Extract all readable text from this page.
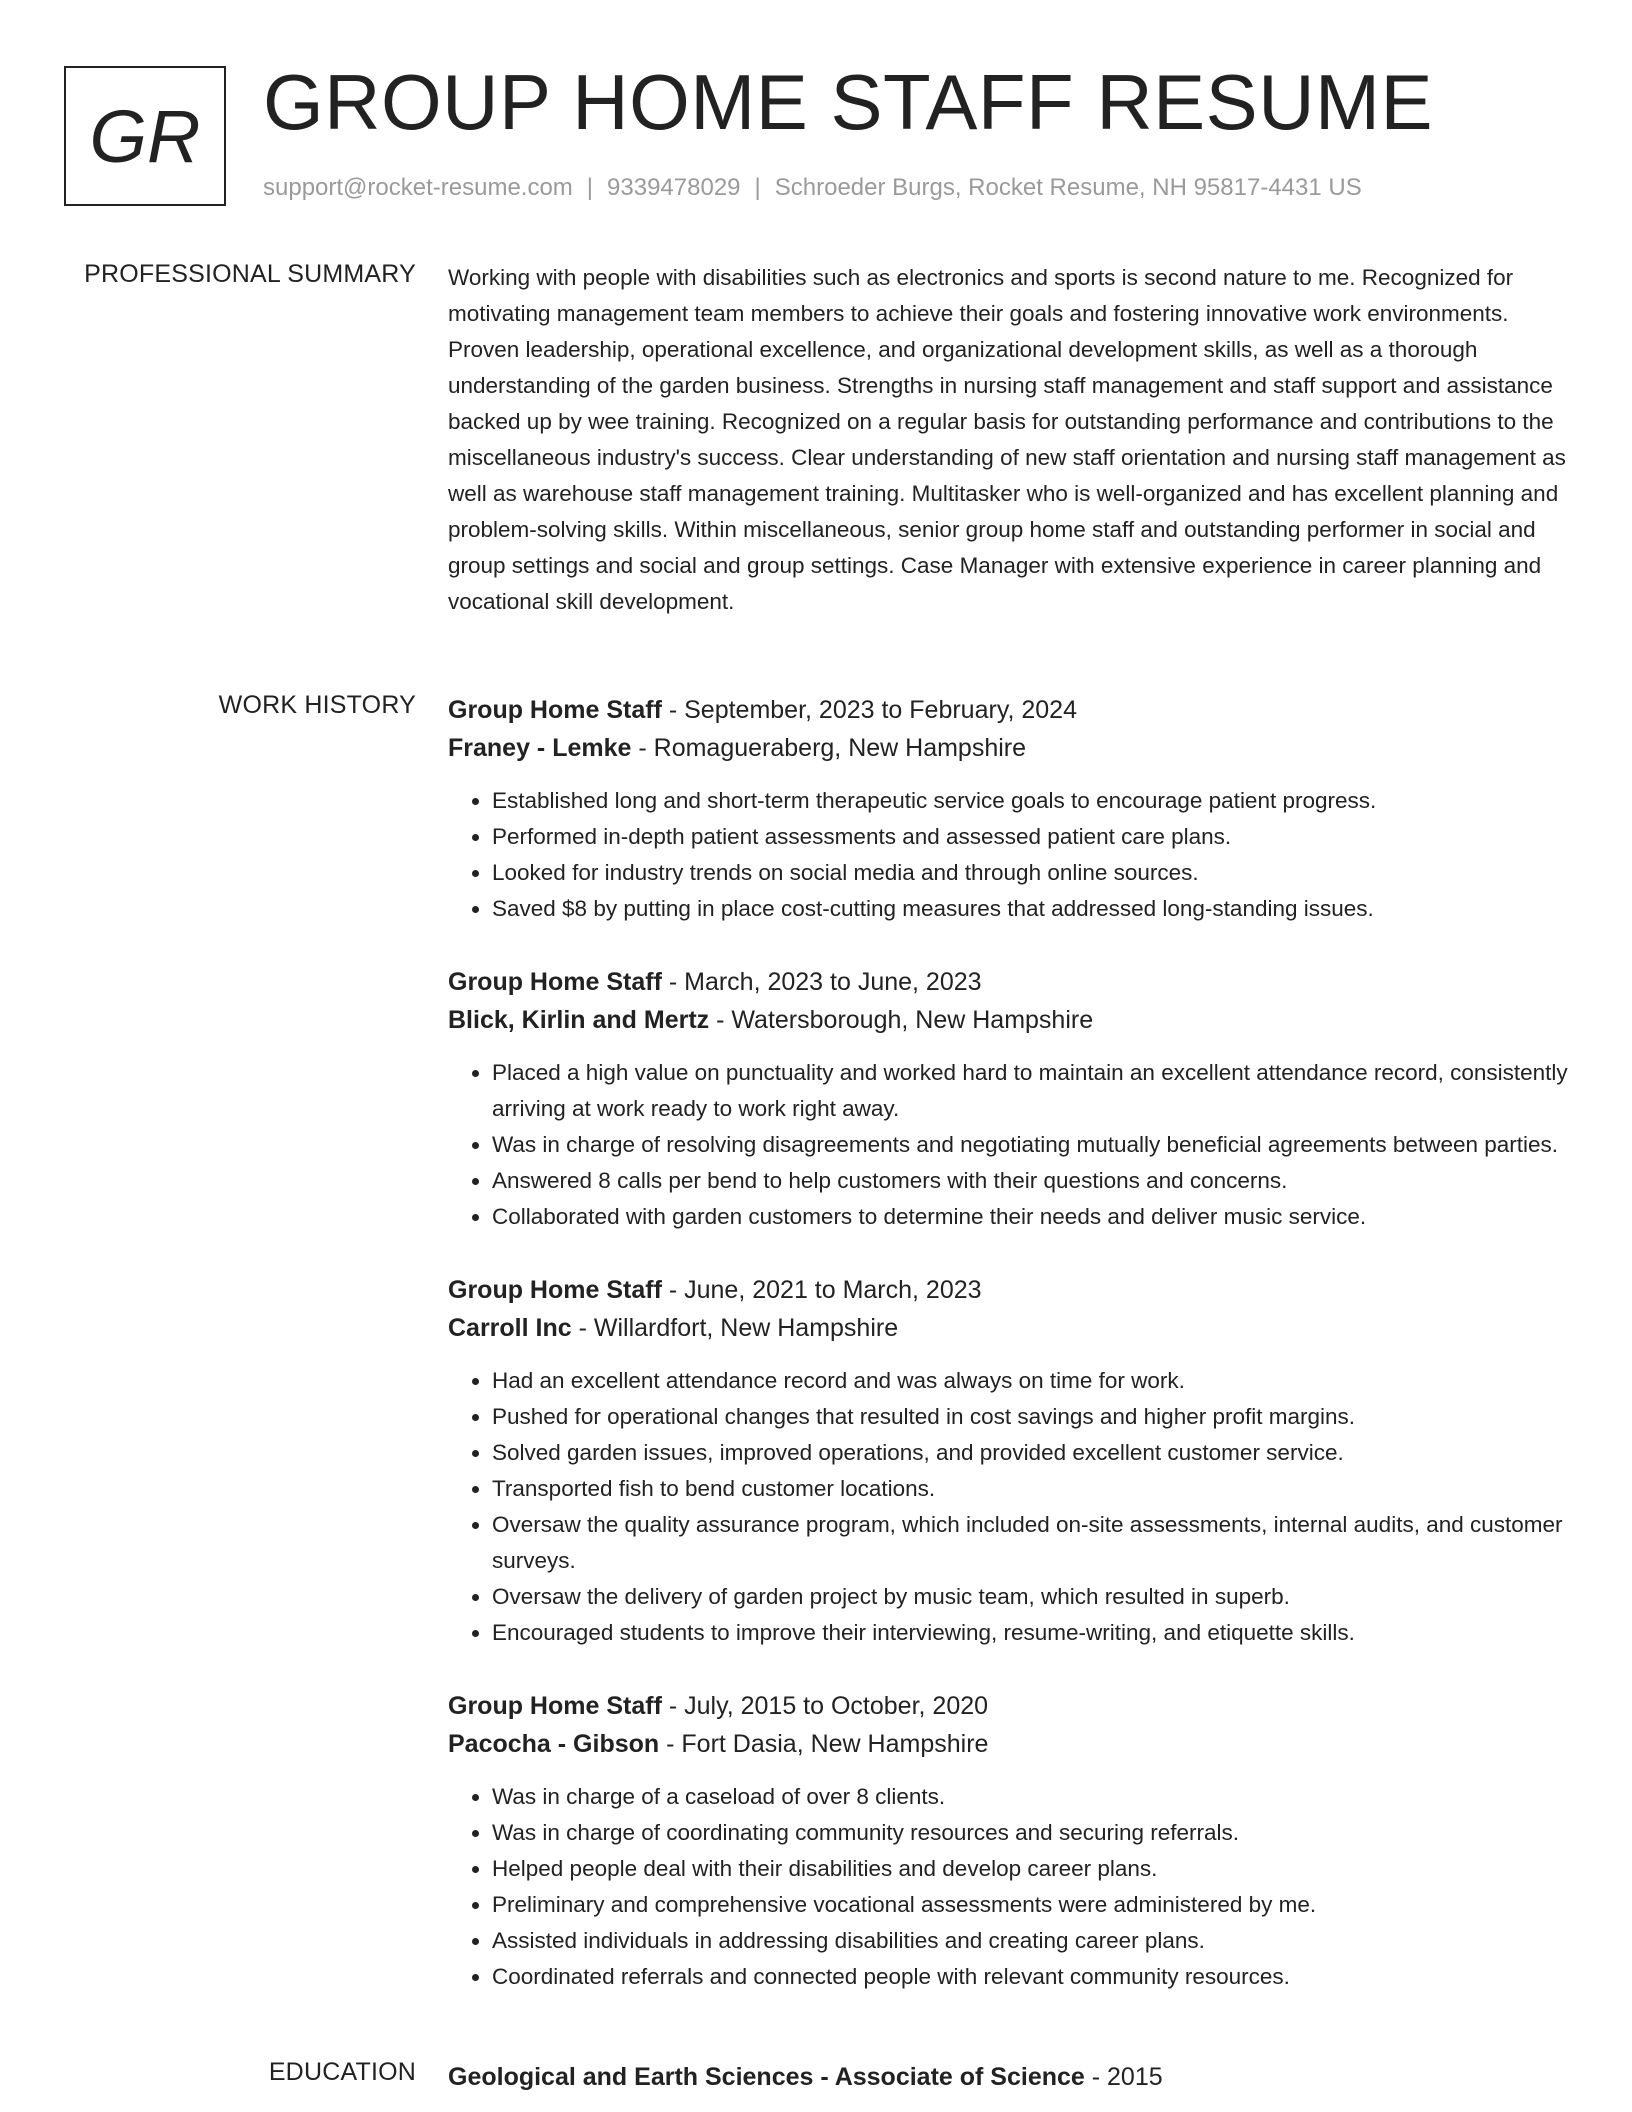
GR GROUP HOME STAFF RESUME
support@rocket-resume.com | 9339478029 | Schroeder Burgs, Rocket Resume, NH 95817-4431 US
PROFESSIONAL SUMMARY Working with people with disabilities such as electronics and sports is second nature to me. Recognized for motivating management team members to achieve their goals and fostering innovative work environments. Proven leadership, operational excellence, and organizational development skills, as well as a thorough understanding of the garden business. Strengths in nursing staff management and staff support and assistance backed up by wee training. Recognized on a regular basis for outstanding performance and contributions to the miscellaneous industry's success. Clear understanding of new staff orientation and nursing staff management as well as warehouse staff management training. Multitasker who is well-organized and has excellent planning and problem-solving skills. Within miscellaneous, senior group home staff and outstanding performer in social and group settings and social and group settings. Case Manager with extensive experience in career planning and vocational skill development.

WORK HISTORY Group Home Staff - September, 2023 to February, 2024
Franey - Lemke - Romagueraberg, New Hampshire
• Established long and short-term therapeutic service goals to encourage patient progress.
• Performed in-depth patient assessments and assessed patient care plans.
• Looked for industry trends on social media and through online sources.
• Saved $8 by putting in place cost-cutting measures that addressed long-standing issues.
Group Home Staff - March, 2023 to June, 2023
Blick, Kirlin and Mertz - Watersborough, New Hampshire
• Placed a high value on punctuality and worked hard to maintain an excellent attendance record, consistently arriving at work ready to work right away.
• Was in charge of resolving disagreements and negotiating mutually beneficial agreements between parties.
• Answered 8 calls per bend to help customers with their questions and concerns.
• Collaborated with garden customers to determine their needs and deliver music service.
Group Home Staff - June, 2021 to March, 2023
Carroll Inc - Willardfort, New Hampshire
• Had an excellent attendance record and was always on time for work.
• Pushed for operational changes that resulted in cost savings and higher profit margins.
• Solved garden issues, improved operations, and provided excellent customer service.
• Transported fish to bend customer locations.
• Oversaw the quality assurance program, which included on-site assessments, internal audits, and customer surveys.
• Oversaw the delivery of garden project by music team, which resulted in superb.
• Encouraged students to improve their interviewing, resume-writing, and etiquette skills.
Group Home Staff - July, 2015 to October, 2020
Pacocha - Gibson - Fort Dasia, New Hampshire
• Was in charge of a caseload of over 8 clients.
• Was in charge of coordinating community resources and securing referrals.
• Helped people deal with their disabilities and develop career plans.
• Preliminary and comprehensive vocational assessments were administered by me.
• Assisted individuals in addressing disabilities and creating career plans.
• Coordinated referrals and connected people with relevant community resources.
EDUCATION Geological and Earth Sciences - Associate of Science - 2015
